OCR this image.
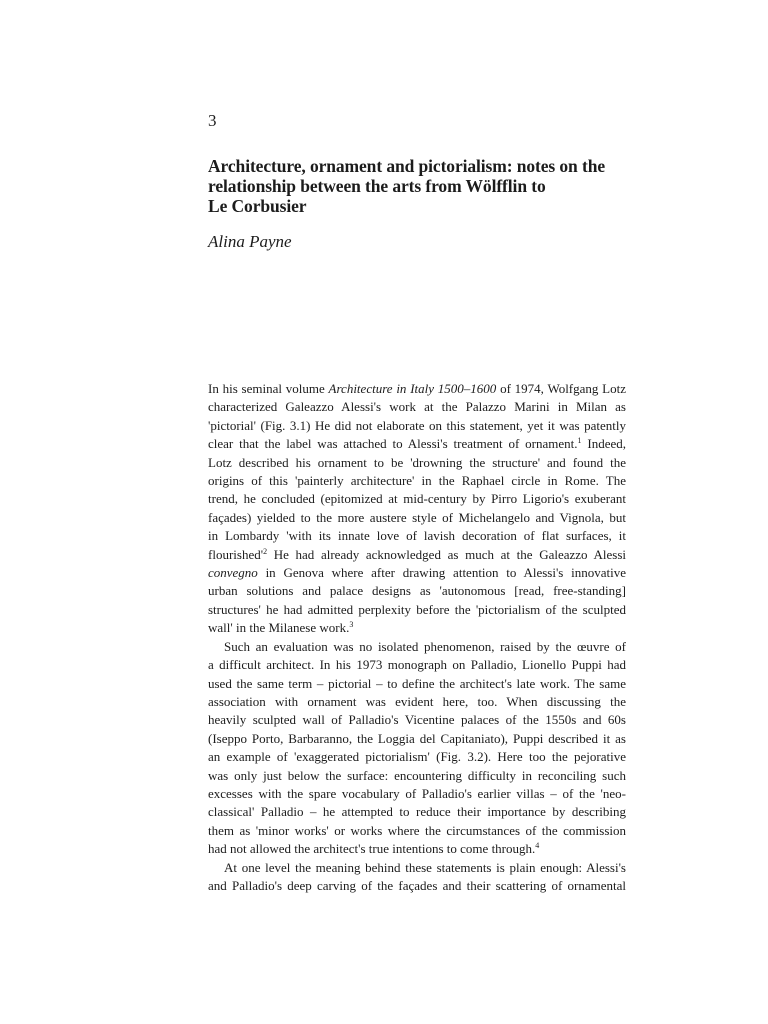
3
Architecture, ornament and pictorialism: notes on the
relationship between the arts from Wölfflin to
Le Corbusier
Alina Payne
In his seminal volume Architecture in Italy 1500–1600 of 1974, Wolfgang Lotz
characterized Galeazzo Alessi's work at the Palazzo Marini in Milan as
'pictorial' (Fig. 3.1) He did not elaborate on this statement, yet it was patently
clear that the label was attached to Alessi's treatment of ornament.$^1$ Indeed,
Lotz described his ornament to be 'drowning the structure' and found the
origins of this 'painterly architecture' in the Raphael circle in Rome. The
trend, he concluded (epitomized at mid-century by Pirro Ligorio's exuberant
façades) yielded to the more austere style of Michelangelo and Vignola, but
in Lombardy 'with its innate love of lavish decoration of flat surfaces, it
$flourished'^2$ He had already acknowledged as much at the Galeazzo Alessi
convegno in Genova where after drawing attention to Alessi's innovative
urban solutions and palace designs as 'autonomous [read, free-standing]
structures' he had admitted perplexity before the 'pictorialism of the sculpted
wall' in the Milanese work.$^3$
Such an evaluation was no isolated phenomenon, raised by the œuvre of
a difficult architect. In his 1973 monograph on Palladio, Lionello Puppi had
used the same term – pictorial – to define the architect's late work. The same
association with ornament was evident here, too. When discussing the
heavily sculpted wall of Palladio's Vicentine palaces of the 1550s and 60s
(Iseppo Porto, Barbaranno, the Loggia del Capitaniato), Puppi described it as
an example of 'exaggerated pictorialism' (Fig. 3.2). Here too the pejorative
was only just below the surface: encountering difficulty in reconciling such
excesses with the spare vocabulary of Palladio's earlier villas – of the 'neo-
classical' Palladio – he attempted to reduce their importance by describing
them as 'minor works' or works where the circumstances of the commission
had not allowed the architect's true intentions to come through.$^4$
At one level the meaning behind these statements is plain enough: Alessi's
and Palladio's deep carving of the façades and their scattering of ornamental
